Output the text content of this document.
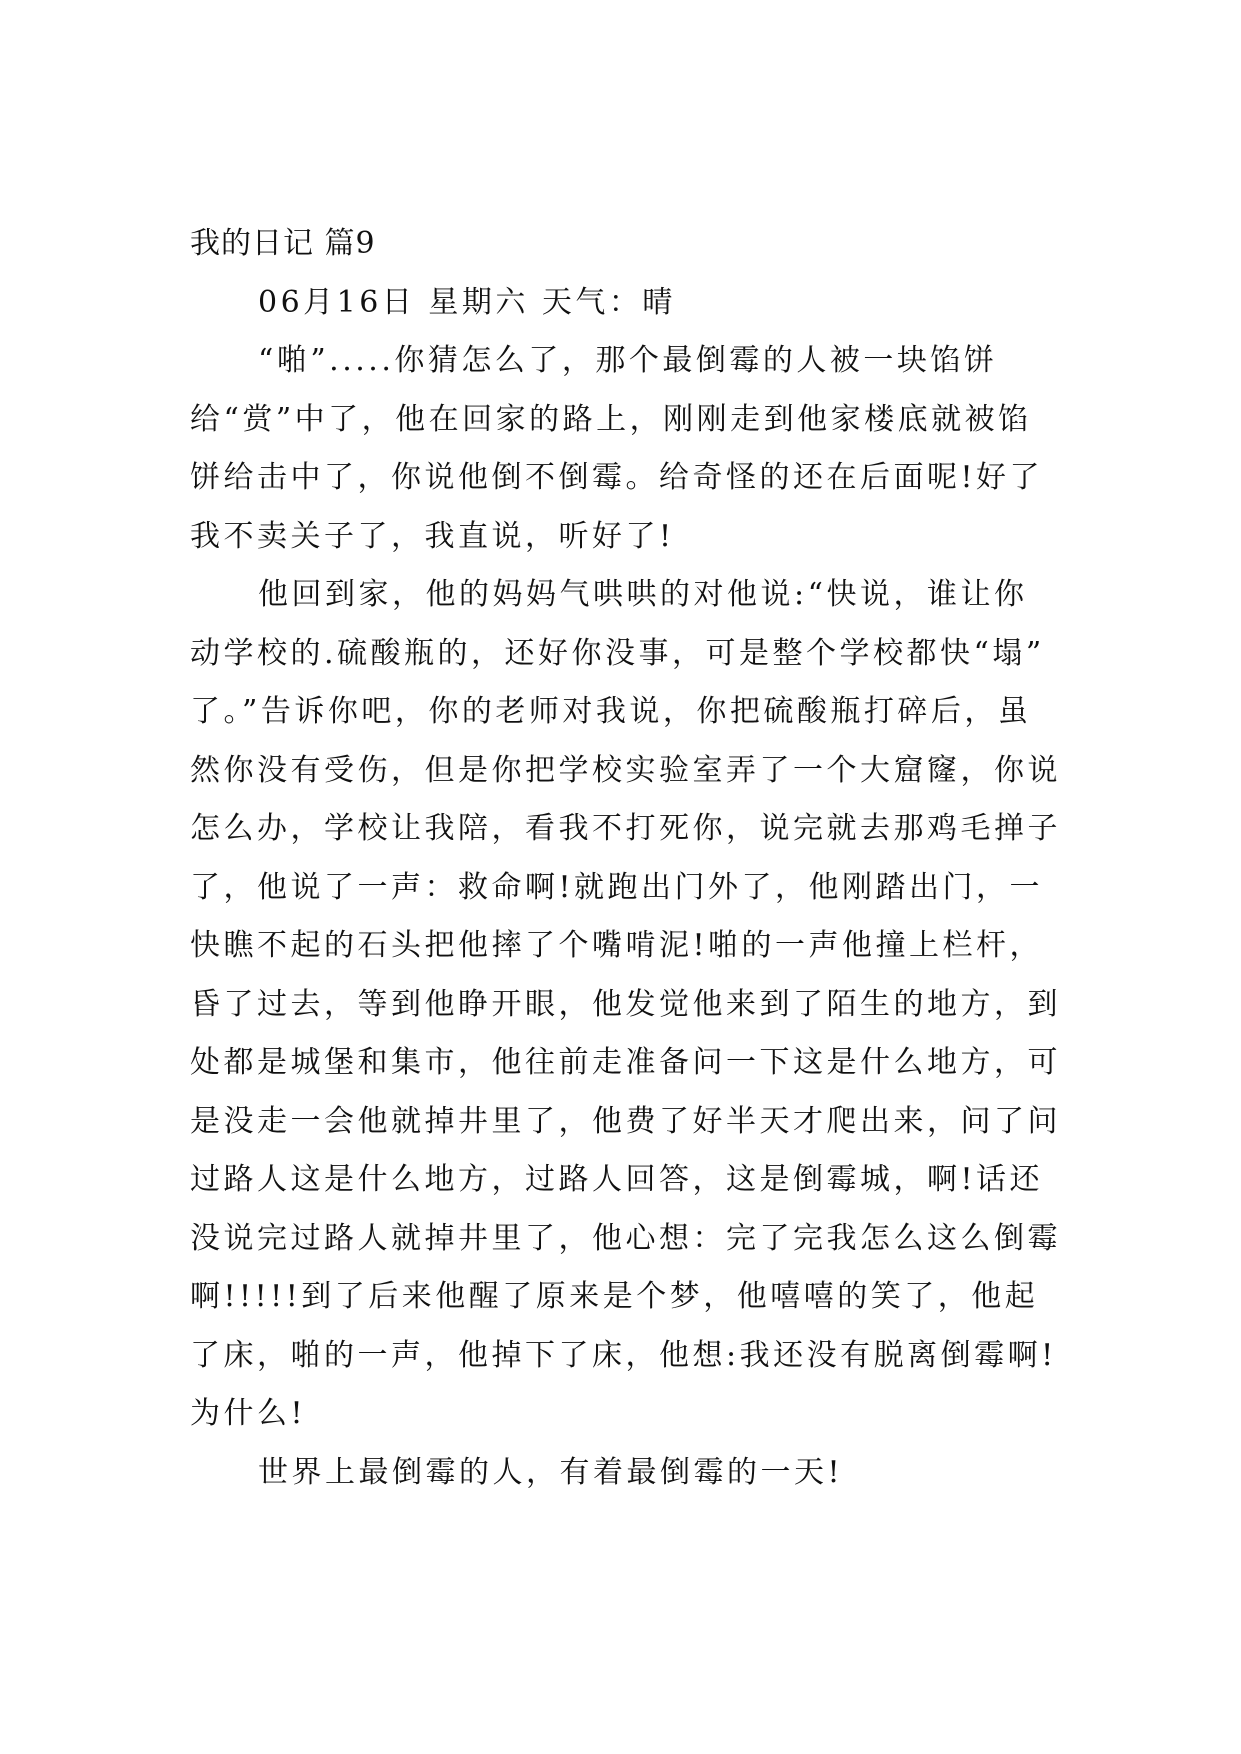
我的日记 篇9
06月16日 星期六 天气：晴
“啪”.....你猜怎么了，那个最倒霉的人被一块馅饼
给“赏”中了，他在回家的路上，刚刚走到他家楼底就被馅
饼给击中了，你说他倒不倒霉。给奇怪的还在后面呢!好了
我不卖关子了，我直说，听好了!
他回到家，他的妈妈气哄哄的对他说:“快说，谁让你
动学校的.硫酸瓶的，还好你没事，可是整个学校都快“塌”
了。”告诉你吧，你的老师对我说，你把硫酸瓶打碎后，虽
然你没有受伤，但是你把学校实验室弄了一个大窟窿，你说
怎么办，学校让我陪，看我不打死你，说完就去那鸡毛掸子
了，他说了一声：救命啊!就跑出门外了，他刚踏出门，一
快瞧不起的石头把他摔了个嘴啃泥!啪的一声他撞上栏杆，
昏了过去，等到他睁开眼，他发觉他来到了陌生的地方，到
处都是城堡和集市，他往前走准备问一下这是什么地方，可
是没走一会他就掉井里了，他费了好半天才爬出来，问了问
过路人这是什么地方，过路人回答，这是倒霉城，啊!话还
没说完过路人就掉井里了，他心想：完了完我怎么这么倒霉
啊!!!!!到了后来他醒了原来是个梦，他嘻嘻的笑了，他起
了床，啪的一声，他掉下了床，他想:我还没有脱离倒霉啊!
为什么!
世界上最倒霉的人，有着最倒霉的一天!
